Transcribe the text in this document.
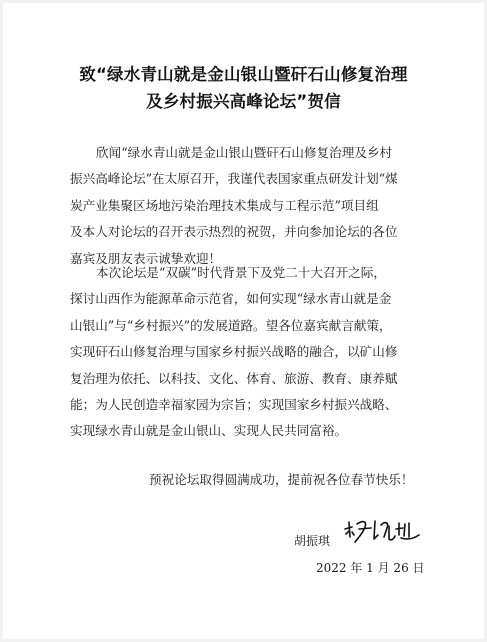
致“绿水青山就是金山银山暨矸石山修复治理
及乡村振兴高峰论坛”贺信
欣闻“绿水青山就是金山银山暨矸石山修复治理及乡村
振兴高峰论坛”在太原召开，我谨代表国家重点研发计划“煤
炭产业集聚区场地污染治理技术集成与工程示范”项目组
及本人对论坛的召开表示热烈的祝贺，并向参加论坛的各位
嘉宾及朋友表示诚挚欢迎！
本次论坛是“双碳”时代背景下及党二十大召开之际，
探讨山西作为能源革命示范省，如何实现“绿水青山就是金
山银山”与“乡村振兴”的发展道路。望各位嘉宾献言献策，
实现矸石山修复治理与国家乡村振兴战略的融合，以矿山修
复治理为依托、以科技、文化、体育、旅游、教育、康养赋
能；为人民创造幸福家园为宗旨；实现国家乡村振兴战略、
实现绿水青山就是金山银山、实现人民共同富裕。
预祝论坛取得圆满成功，提前祝各位春节快乐！
胡振琪
2022 年 1 月 26 日
